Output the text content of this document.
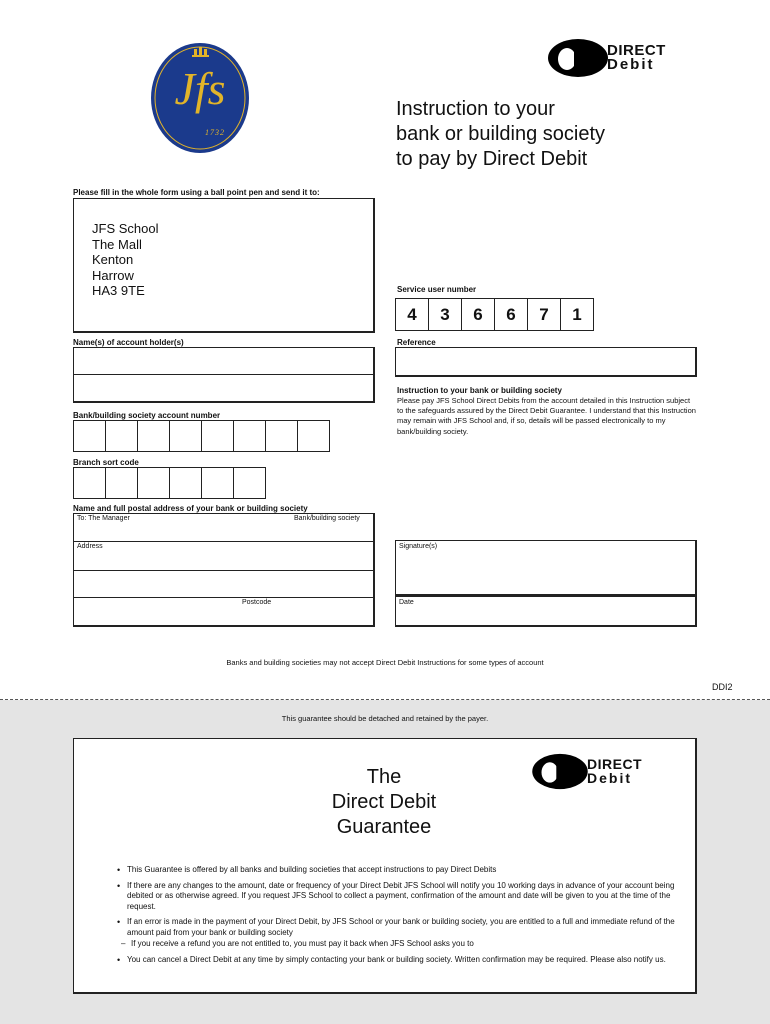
Jfs
1732
DIRECT
Debit
Instruction to your
bank or building society
to pay by Direct Debit
Please fill in the whole form using a ball point pen and send it to:
JFS School
The Mall
Kenton
Harrow
HA3 9TE	Service user number
4	3	6	6	7	1
Name(s) of account holder(s)	Reference
Instruction to your bank or building society
Please pay JFS School Direct Debits from the account detailed in this Instruction subject to the safeguards assured by the Direct Debit Guarantee. I understand that this Instruction may remain with JFS School and, if so, details will be passed electronically to my bank/building society.
Bank/building society account number
Branch sort code
Name and full postal address of your bank or building society
To: The Manager	Bank/building society
Address
Postcode
Signature(s)
Date
Banks and building societies may not accept Direct Debit Instructions for some types of account
DDI2
This guarantee should be detached and retained by the payer.
The
Direct Debit
Guarantee
DIRECT
Debit
• This Guarantee is offered by all banks and building societies that accept instructions to pay Direct Debits
• If there are any changes to the amount, date or frequency of your Direct Debit JFS School will notify you 10 working days in advance of your account being debited or as otherwise agreed. If you request JFS School to collect a payment, confirmation of the amount and date will be given to you at the time of the request.
• If an error is made in the payment of your Direct Debit, by JFS School or your bank or building society, you are entitled to a full and immediate refund of the amount paid from your bank or building society
– If you receive a refund you are not entitled to, you must pay it back when JFS School asks you to
• You can cancel a Direct Debit at any time by simply contacting your bank or building society. Written confirmation may be required. Please also notify us.
